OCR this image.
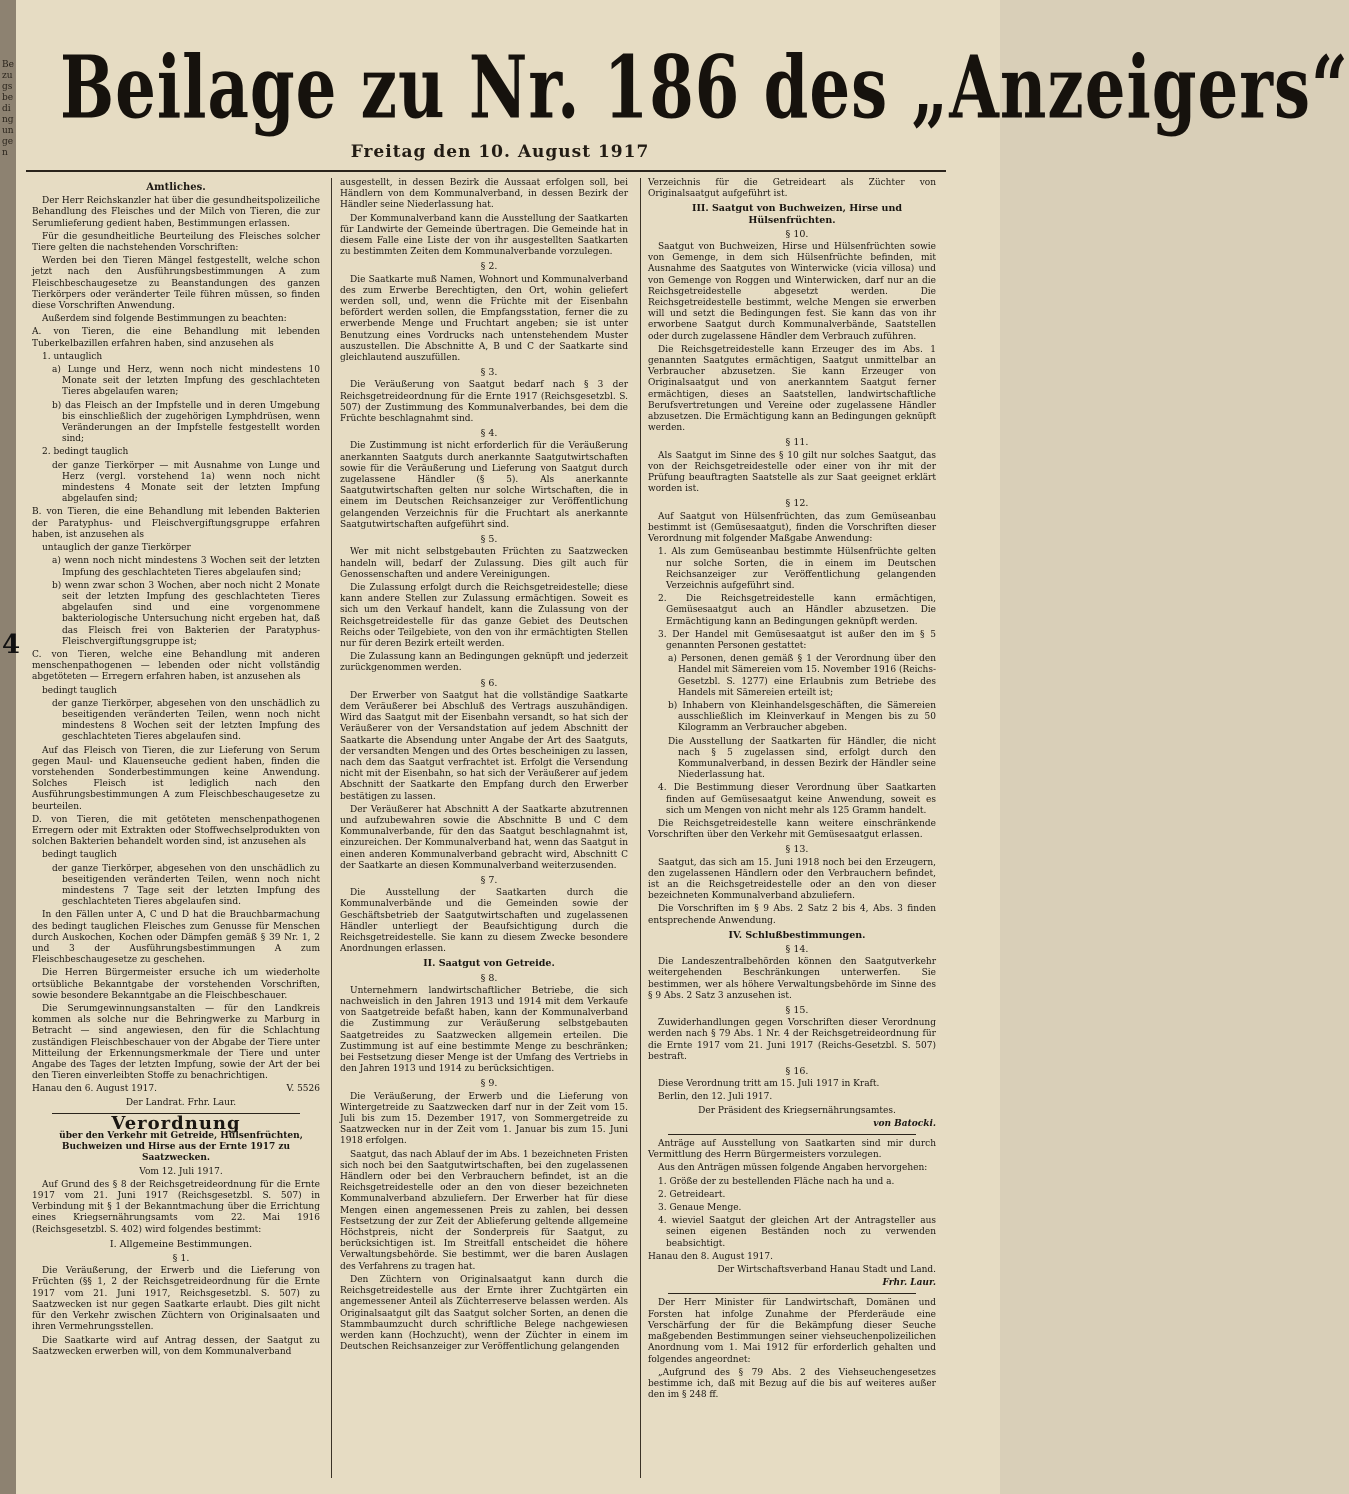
Bezugsbedingungen
4
Beilage zu Nr. 186 des „Anzeigers“
Freitag den 10. August 1917
Amtliches.

Der Herr Reichskanzler hat über die gesundheitspolizeiliche Behandlung des Fleisches und der Milch von Tieren, die zur Serumlieferung gedient haben, Bestimmungen erlassen.

Für die gesundheitliche Beurteilung des Fleisches solcher Tiere gelten die nachstehenden Vorschriften:

Werden bei den Tieren Mängel festgestellt, welche schon jetzt nach den Ausführungsbestimmungen A zum Fleischbeschaugesetze zu Beanstandungen des ganzen Tierkörpers oder veränderter Teile führen müssen, so finden diese Vorschriften Anwendung.

Außerdem sind folgende Bestimmungen zu beachten:

A. von Tieren, die eine Behandlung mit lebenden Tuberkelbazillen erfahren haben, sind anzusehen als

1. untauglich

a) Lunge und Herz, wenn noch nicht mindestens 10 Monate seit der letzten Impfung des geschlachteten Tieres abgelaufen waren;

b) das Fleisch an der Impfstelle und in deren Umgebung bis einschließlich der zugehörigen Lymphdrüsen, wenn Veränderungen an der Impfstelle festgestellt worden sind;

2. bedingt tauglich

der ganze Tierkörper — mit Ausnahme von Lunge und Herz (vergl. vorstehend 1a) wenn noch nicht mindestens 4 Monate seit der letzten Impfung abgelaufen sind;

B. von Tieren, die eine Behandlung mit lebenden Bakterien der Paratyphus- und Fleischvergiftungsgruppe erfahren haben, ist anzusehen als

untauglich der ganze Tierkörper

a) wenn noch nicht mindestens 3 Wochen seit der letzten Impfung des geschlachteten Tieres abgelaufen sind;

b) wenn zwar schon 3 Wochen, aber noch nicht 2 Monate seit der letzten Impfung des geschlachteten Tieres abgelaufen sind und eine vorgenommene bakteriologische Untersuchung nicht ergeben hat, daß das Fleisch frei von Bakterien der Paratyphus-Fleischvergiftungsgruppe ist;

C. von Tieren, welche eine Behandlung mit anderen menschenpathogenen — lebenden oder nicht vollständig abgetöteten — Erregern erfahren haben, ist anzusehen als

bedingt tauglich

der ganze Tierkörper, abgesehen von den unschädlich zu beseitigenden veränderten Teilen, wenn noch nicht mindestens 8 Wochen seit der letzten Impfung des geschlachteten Tieres abgelaufen sind.

Auf das Fleisch von Tieren, die zur Lieferung von Serum gegen Maul- und Klauenseuche gedient haben, finden die vorstehenden Sonderbestimmungen keine Anwendung. Solches Fleisch ist lediglich nach den Ausführungsbestimmungen A zum Fleischbeschaugesetze zu beurteilen.

D. von Tieren, die mit getöteten menschenpathogenen Erregern oder mit Extrakten oder Stoffwechselprodukten von solchen Bakterien behandelt worden sind, ist anzusehen als

bedingt tauglich

der ganze Tierkörper, abgesehen von den unschädlich zu beseitigenden veränderten Teilen, wenn noch nicht mindestens 7 Tage seit der letzten Impfung des geschlachteten Tieres abgelaufen sind.

In den Fällen unter A, C und D hat die Brauchbarmachung des bedingt tauglichen Fleisches zum Genusse für Menschen durch Auskochen, Kochen oder Dämpfen gemäß § 39 Nr. 1, 2 und 3 der Ausführungsbestimmungen A zum Fleischbeschaugesetze zu geschehen.

Die Herren Bürgermeister ersuche ich um wiederholte ortsübliche Bekanntgabe der vorstehenden Vorschriften, sowie besondere Bekanntgabe an die Fleischbeschauer.

Die Serumgewinnungsanstalten — für den Landkreis kommen als solche nur die Behringwerke zu Marburg in Betracht — sind angewiesen, den für die Schlachtung zuständigen Fleischbeschauer von der Abgabe der Tiere unter Mitteilung der Erkennungsmerkmale der Tiere und unter Angabe des Tages der letzten Impfung, sowie der Art der bei den Tieren einverleibten Stoffe zu benachrichtigen.

Hanau den 6. August 1917.	V. 5526

Der Landrat. Frhr. Laur.

Verordnung

über den Verkehr mit Getreide, Hülsenfrüchten, Buchweizen und Hirse aus der Ernte 1917 zu Saatzwecken.

Vom 12. Juli 1917.

Auf Grund des § 8 der Reichsgetreideordnung für die Ernte 1917 vom 21. Juni 1917 (Reichsgesetzbl. S. 507) in Verbindung mit § 1 der Bekanntmachung über die Errichtung eines Kriegsernährungsamts vom 22. Mai 1916 (Reichsgesetzbl. S. 402) wird folgendes bestimmt:

I. Allgemeine Bestimmungen.

§ 1.

Die Veräußerung, der Erwerb und die Lieferung von Früchten (§§ 1, 2 der Reichsgetreideordnung für die Ernte 1917 vom 21. Juni 1917, Reichsgesetzbl. S. 507) zu Saatzwecken ist nur gegen Saatkarte erlaubt. Dies gilt nicht für den Verkehr zwischen Züchtern von Originalsaaten und ihren Vermehrungsstellen.

Die Saatkarte wird auf Antrag dessen, der Saatgut zu Saatzwecken erwerben will, von dem Kommunalverband

ausgestellt, in dessen Bezirk die Aussaat erfolgen soll, bei Händlern von dem Kommunalverband, in dessen Bezirk der Händler seine Niederlassung hat.

Der Kommunalverband kann die Ausstellung der Saatkarten für Landwirte der Gemeinde übertragen. Die Gemeinde hat in diesem Falle eine Liste der von ihr ausgestellten Saatkarten zu bestimmten Zeiten dem Kommunalverbande vorzulegen.

§ 2.

Die Saatkarte muß Namen, Wohnort und Kommunalverband des zum Erwerbe Berechtigten, den Ort, wohin geliefert werden soll, und, wenn die Früchte mit der Eisenbahn befördert werden sollen, die Empfangsstation, ferner die zu erwerbende Menge und Fruchtart angeben; sie ist unter Benutzung eines Vordrucks nach untenstehendem Muster auszustellen. Die Abschnitte A, B und C der Saatkarte sind gleichlautend auszufüllen.

§ 3.

Die Veräußerung von Saatgut bedarf nach § 3 der Reichsgetreideordnung für die Ernte 1917 (Reichsgesetzbl. S. 507) der Zustimmung des Kommunalverbandes, bei dem die Früchte beschlagnahmt sind.

§ 4.

Die Zustimmung ist nicht erforderlich für die Veräußerung anerkannten Saatguts durch anerkannte Saatgutwirtschaften sowie für die Veräußerung und Lieferung von Saatgut durch zugelassene Händler (§ 5). Als anerkannte Saatgutwirtschaften gelten nur solche Wirtschaften, die in einem im Deutschen Reichsanzeiger zur Veröffentlichung gelangenden Verzeichnis für die Fruchtart als anerkannte Saatgutwirtschaften aufgeführt sind.

§ 5.

Wer mit nicht selbstgebauten Früchten zu Saatzwecken handeln will, bedarf der Zulassung. Dies gilt auch für Genossenschaften und andere Vereinigungen.

Die Zulassung erfolgt durch die Reichsgetreidestelle; diese kann andere Stellen zur Zulassung ermächtigen. Soweit es sich um den Verkauf handelt, kann die Zulassung von der Reichsgetreidestelle für das ganze Gebiet des Deutschen Reichs oder Teilgebiete, von den von ihr ermächtigten Stellen nur für deren Bezirk erteilt werden.

Die Zulassung kann an Bedingungen geknüpft und jederzeit zurückgenommen werden.

§ 6.

Der Erwerber von Saatgut hat die vollständige Saatkarte dem Veräußerer bei Abschluß des Vertrags auszuhändigen. Wird das Saatgut mit der Eisenbahn versandt, so hat sich der Veräußerer von der Versandstation auf jedem Abschnitt der Saatkarte die Absendung unter Angabe der Art des Saatguts, der versandten Mengen und des Ortes bescheinigen zu lassen, nach dem das Saatgut verfrachtet ist. Erfolgt die Versendung nicht mit der Eisenbahn, so hat sich der Veräußerer auf jedem Abschnitt der Saatkarte den Empfang durch den Erwerber bestätigen zu lassen.

Der Veräußerer hat Abschnitt A der Saatkarte abzutrennen und aufzubewahren sowie die Abschnitte B und C dem Kommunalverbande, für den das Saatgut beschlagnahmt ist, einzureichen. Der Kommunalverband hat, wenn das Saatgut in einen anderen Kommunalverband gebracht wird, Abschnitt C der Saatkarte an diesen Kommunalverband weiterzusenden.

§ 7.

Die Ausstellung der Saatkarten durch die Kommunalverbände und die Gemeinden sowie der Geschäftsbetrieb der Saatgutwirtschaften und zugelassenen Händler unterliegt der Beaufsichtigung durch die Reichsgetreidestelle. Sie kann zu diesem Zwecke besondere Anordnungen erlassen.

II. Saatgut von Getreide.

§ 8.

Unternehmern landwirtschaftlicher Betriebe, die sich nachweislich in den Jahren 1913 und 1914 mit dem Verkaufe von Saatgetreide befaßt haben, kann der Kommunalverband die Zustimmung zur Veräußerung selbstgebauten Saatgetreides zu Saatzwecken allgemein erteilen. Die Zustimmung ist auf eine bestimmte Menge zu beschränken; bei Festsetzung dieser Menge ist der Umfang des Vertriebs in den Jahren 1913 und 1914 zu berücksichtigen.

§ 9.

Die Veräußerung, der Erwerb und die Lieferung von Wintergetreide zu Saatzwecken darf nur in der Zeit vom 15. Juli bis zum 15. Dezember 1917, von Sommergetreide zu Saatzwecken nur in der Zeit vom 1. Januar bis zum 15. Juni 1918 erfolgen.

Saatgut, das nach Ablauf der im Abs. 1 bezeichneten Fristen sich noch bei den Saatgutwirtschaften, bei den zugelassenen Händlern oder bei den Verbrauchern befindet, ist an die Reichsgetreidestelle oder an den von dieser bezeichneten Kommunalverband abzuliefern. Der Erwerber hat für diese Mengen einen angemessenen Preis zu zahlen, bei dessen Festsetzung der zur Zeit der Ablieferung geltende allgemeine Höchstpreis, nicht der Sonderpreis für Saatgut, zu berücksichtigen ist. Im Streitfall entscheidet die höhere Verwaltungsbehörde. Sie bestimmt, wer die baren Auslagen des Verfahrens zu tragen hat.

Den Züchtern von Originalsaatgut kann durch die Reichsgetreidestelle aus der Ernte ihrer Zuchtgärten ein angemessener Anteil als Züchterreserve belassen werden. Als Originalsaatgut gilt das Saatgut solcher Sorten, an denen die Stammbaumzucht durch schriftliche Belege nachgewiesen werden kann (Hochzucht), wenn der Züchter in einem im Deutschen Reichsanzeiger zur Veröffentlichung gelangenden

Verzeichnis für die Getreideart als Züchter von Originalsaatgut aufgeführt ist.

III. Saatgut von Buchweizen, Hirse und Hülsenfrüchten.

§ 10.

Saatgut von Buchweizen, Hirse und Hülsenfrüchten sowie von Gemenge, in dem sich Hülsenfrüchte befinden, mit Ausnahme des Saatgutes von Winterwicke (vicia villosa) und von Gemenge von Roggen und Winterwicken, darf nur an die Reichsgetreidestelle abgesetzt werden. Die Reichsgetreidestelle bestimmt, welche Mengen sie erwerben will und setzt die Bedingungen fest. Sie kann das von ihr erworbene Saatgut durch Kommunalverbände, Saatstellen oder durch zugelassene Händler dem Verbrauch zuführen.

Die Reichsgetreidestelle kann Erzeuger des im Abs. 1 genannten Saatgutes ermächtigen, Saatgut unmittelbar an Verbraucher abzusetzen. Sie kann Erzeuger von Originalsaatgut und von anerkanntem Saatgut ferner ermächtigen, dieses an Saatstellen, landwirtschaftliche Berufsvertretungen und Vereine oder zugelassene Händler abzusetzen. Die Ermächtigung kann an Bedingungen geknüpft werden.

§ 11.

Als Saatgut im Sinne des § 10 gilt nur solches Saatgut, das von der Reichsgetreidestelle oder einer von ihr mit der Prüfung beauftragten Saatstelle als zur Saat geeignet erklärt worden ist.

§ 12.

Auf Saatgut von Hülsenfrüchten, das zum Gemüseanbau bestimmt ist (Gemüsesaatgut), finden die Vorschriften dieser Verordnung mit folgender Maßgabe Anwendung:

1. Als zum Gemüseanbau bestimmte Hülsenfrüchte gelten nur solche Sorten, die in einem im Deutschen Reichsanzeiger zur Veröffentlichung gelangenden Verzeichnis aufgeführt sind.

2. Die Reichsgetreidestelle kann ermächtigen, Gemüsesaatgut auch an Händler abzusetzen. Die Ermächtigung kann an Bedingungen geknüpft werden.

3. Der Handel mit Gemüsesaatgut ist außer den im § 5 genannten Personen gestattet:

a) Personen, denen gemäß § 1 der Verordnung über den Handel mit Sämereien vom 15. November 1916 (Reichs-Gesetzbl. S. 1277) eine Erlaubnis zum Betriebe des Handels mit Sämereien erteilt ist;

b) Inhabern von Kleinhandelsgeschäften, die Sämereien ausschließlich im Kleinverkauf in Mengen bis zu 50 Kilogramm an Verbraucher abgeben.

Die Ausstellung der Saatkarten für Händler, die nicht nach § 5 zugelassen sind, erfolgt durch den Kommunalverband, in dessen Bezirk der Händler seine Niederlassung hat.

4. Die Bestimmung dieser Verordnung über Saatkarten finden auf Gemüsesaatgut keine Anwendung, soweit es sich um Mengen von nicht mehr als 125 Gramm handelt.

Die Reichsgetreidestelle kann weitere einschränkende Vorschriften über den Verkehr mit Gemüsesaatgut erlassen.

§ 13.

Saatgut, das sich am 15. Juni 1918 noch bei den Erzeugern, den zugelassenen Händlern oder den Verbrauchern befindet, ist an die Reichsgetreidestelle oder an den von dieser bezeichneten Kommunalverband abzuliefern.

Die Vorschriften im § 9 Abs. 2 Satz 2 bis 4, Abs. 3 finden entsprechende Anwendung.

IV. Schlußbestimmungen.

§ 14.

Die Landeszentralbehörden können den Saatgutverkehr weitergehenden Beschränkungen unterwerfen. Sie bestimmen, wer als höhere Verwaltungsbehörde im Sinne des § 9 Abs. 2 Satz 3 anzusehen ist.

§ 15.

Zuwiderhandlungen gegen Vorschriften dieser Verordnung werden nach § 79 Abs. 1 Nr. 4 der Reichsgetreideordnung für die Ernte 1917 vom 21. Juni 1917 (Reichs-Gesetzbl. S. 507) bestraft.

§ 16.

Diese Verordnung tritt am 15. Juli 1917 in Kraft.

Berlin, den 12. Juli 1917.

Der Präsident des Kriegsernährungsamtes.

von Batocki.

Anträge auf Ausstellung von Saatkarten sind mir durch Vermittlung des Herrn Bürgermeisters vorzulegen.

Aus den Anträgen müssen folgende Angaben hervorgehen:

1. Größe der zu bestellenden Fläche nach ha und a.

2. Getreideart.

3. Genaue Menge.

4. wieviel Saatgut der gleichen Art der Antragsteller aus seinen eigenen Beständen noch zu verwenden beabsichtigt.

Hanau den 8. August 1917.

Der Wirtschaftsverband Hanau Stadt und Land.

Frhr. Laur.

Der Herr Minister für Landwirtschaft, Domänen und Forsten hat infolge Zunahme der Pferderäude eine Verschärfung der für die Bekämpfung dieser Seuche maßgebenden Bestimmungen seiner viehseuchenpolizeilichen Anordnung vom 1. Mai 1912 für erforderlich gehalten und folgendes angeordnet:

„Aufgrund des § 79 Abs. 2 des Viehseuchengesetzes bestimme ich, daß mit Bezug auf die bis auf weiteres außer den im § 248 ff.
